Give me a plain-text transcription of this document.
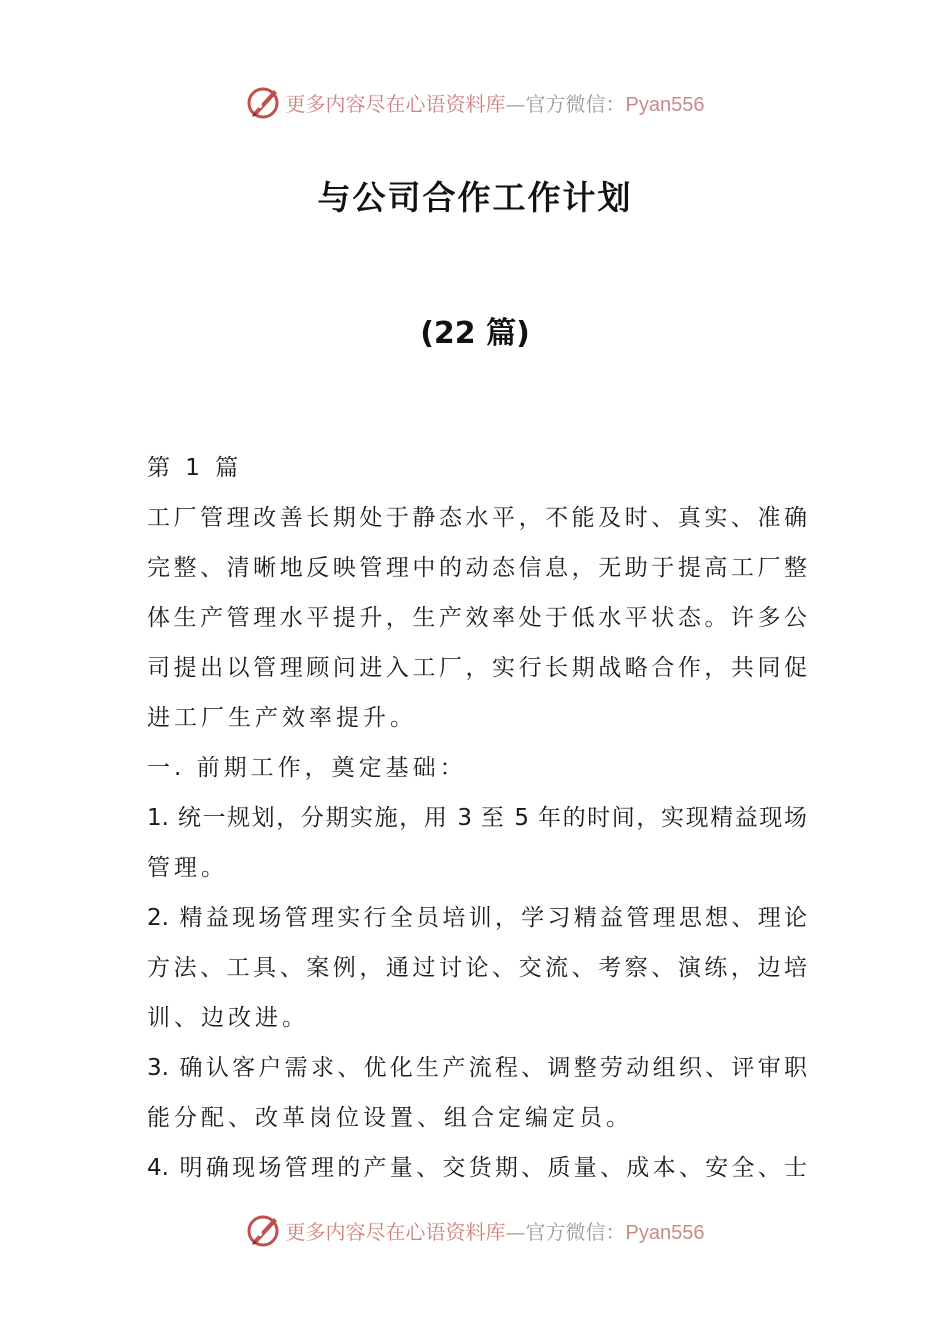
更多内容尽在心语资料库—官方微信：Pyan556
与公司合作工作计划
(22 篇)
第 1 篇
工厂管理改善长期处于静态水平，不能及时、真实、准确
完整、清晰地反映管理中的动态信息，无助于提高工厂整
体生产管理水平提升，生产效率处于低水平状态。许多公
司提出以管理顾问进入工厂，实行长期战略合作，共同促
进工厂生产效率提升。
一. 前期工作，奠定基础：
1. 统一规划，分期实施，用 3 至 5 年的时间，实现精益现场
管理。
2. 精益现场管理实行全员培训，学习精益管理思想、理论
方法、工具、案例，通过讨论、交流、考察、演练，边培
训、边改进。
3. 确认客户需求、优化生产流程、调整劳动组织、评审职
能分配、改革岗位设置、组合定编定员。
4. 明确现场管理的产量、交货期、质量、成本、安全、士
更多内容尽在心语资料库—官方微信：Pyan556
